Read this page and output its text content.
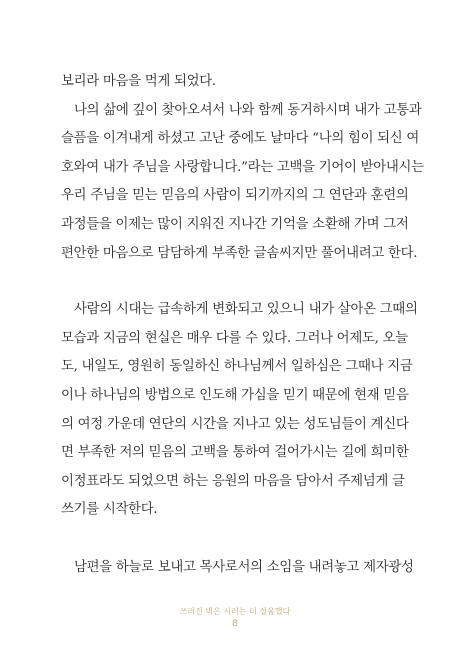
보리라 마음을 먹게 되었다.
나의 삶에 깊이 찾아오셔서 나와 함께 동거하시며 내가 고통과
슬픔을 이겨내게 하셨고 고난 중에도 날마다 “나의 힘이 되신 여
호와여 내가 주님을 사랑합니다.”라는 고백을 기어이 받아내시는
우리 주님을 믿는 믿음의 사람이 되기까지의 그 연단과 훈련의
과정들을 이제는 많이 지워진 지나간 기억을 소환해 가며 그저
편안한 마음으로 담담하게 부족한 글솜씨지만 풀어내려고 한다.
사람의 시대는 급속하게 변화되고 있으니 내가 살아온 그때의
모습과 지금의 현실은 매우 다를 수 있다. 그러나 어제도, 오늘
도, 내일도, 영원히 동일하신 하나님께서 일하심은 그때나 지금
이나 하나님의 방법으로 인도해 가심을 믿기 때문에 현재 믿음
의 여정 가운데 연단의 시간을 지나고 있는 성도님들이 계신다
면 부족한 저의 믿음의 고백을 통하여 걸어가시는 길에 희미한
이정표라도 되었으면 하는 응원의 마음을 담아서 주제넘게 글
쓰기를 시작한다.
남편을 하늘로 보내고 목사로서의 소임을 내려놓고 제자광성
쓰러진 벽은 시러는 더 설움했다
8
